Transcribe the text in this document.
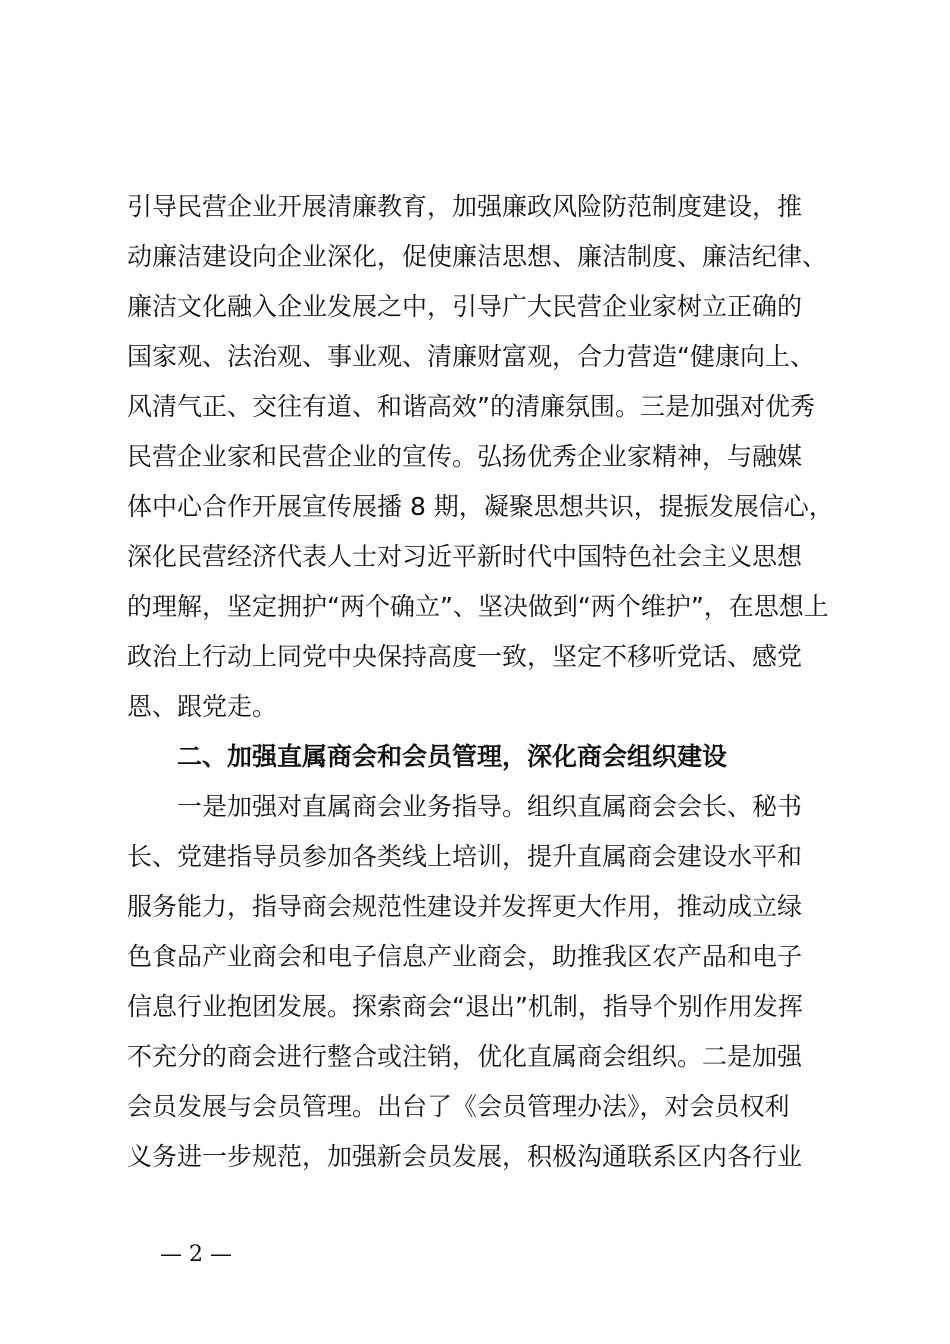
引导民营企业开展清廉教育，加强廉政风险防范制度建设，推
动廉洁建设向企业深化，促使廉洁思想、廉洁制度、廉洁纪律、
廉洁文化融入企业发展之中，引导广大民营企业家树立正确的
国家观、法治观、事业观、清廉财富观，合力营造“健康向上、
风清气正、交往有道、和谐高效”的清廉氛围。三是加强对优秀
民营企业家和民营企业的宣传。弘扬优秀企业家精神，与融媒
体中心合作开展宣传展播 8 期，凝聚思想共识，提振发展信心，
深化民营经济代表人士对习近平新时代中国特色社会主义思想
的理解，坚定拥护“两个确立”、坚决做到“两个维护”，在思想上
政治上行动上同党中央保持高度一致，坚定不移听党话、感党
恩、跟党走。
二、加强直属商会和会员管理，深化商会组织建设
一是加强对直属商会业务指导。组织直属商会会长、秘书
长、党建指导员参加各类线上培训，提升直属商会建设水平和
服务能力，指导商会规范性建设并发挥更大作用，推动成立绿
色食品产业商会和电子信息产业商会，助推我区农产品和电子
信息行业抱团发展。探索商会“退出”机制，指导个别作用发挥
不充分的商会进行整合或注销，优化直属商会组织。二是加强
会员发展与会员管理。出台了《会员管理办法》，对会员权利
义务进一步规范，加强新会员发展，积极沟通联系区内各行业
— 2 —
